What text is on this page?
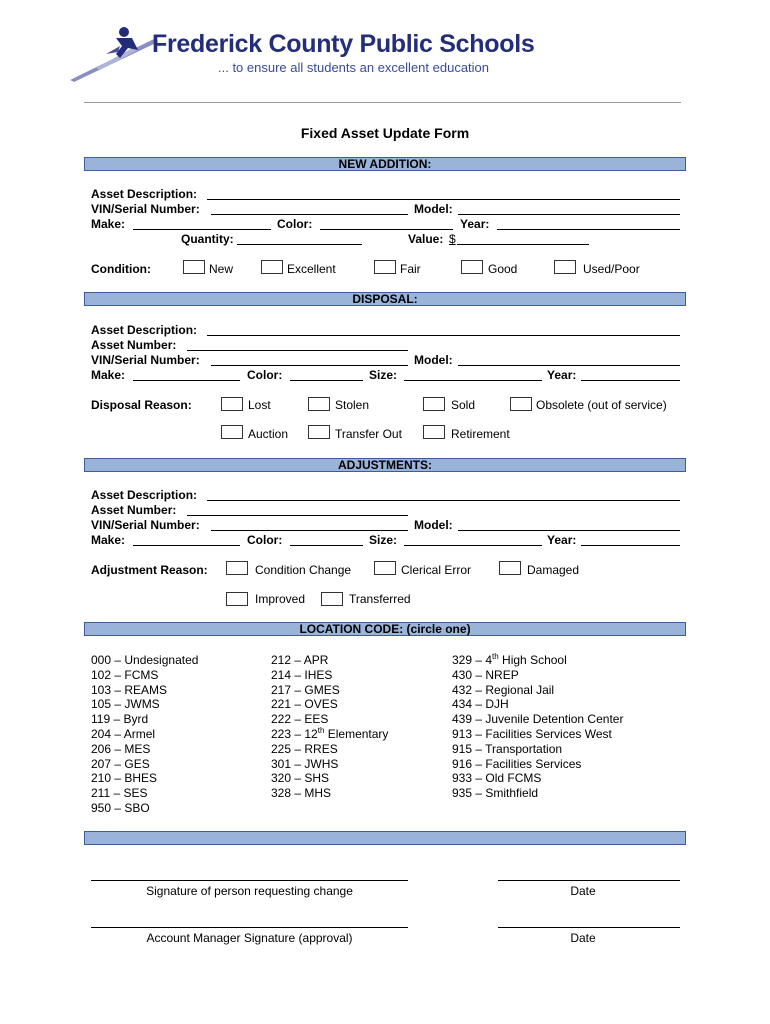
Frederick County Public Schools
... to ensure all students an excellent education
Fixed Asset Update Form
NEW ADDITION:
Asset Description:
VIN/Serial Number:	Model:
Make:	Color:	Year:
Quantity:	Value: $
Condition:	New	Excellent	Fair	Good	Used/Poor
DISPOSAL:
Asset Description:
Asset Number:
VIN/Serial Number:	Model:
Make:	Color:	Size:	Year:
Disposal Reason:	Lost	Stolen	Sold	Obsolete (out of service)
Auction	Transfer Out	Retirement
ADJUSTMENTS:
Asset Description:
Asset Number:
VIN/Serial Number:	Model:
Make:	Color:	Size:	Year:
Adjustment Reason:	Condition Change	Clerical Error	Damaged
Improved	Transferred
LOCATION CODE: (circle one)
000 – Undesignated
102 – FCMS
103 – REAMS
105 – JWMS
119 – Byrd
204 – Armel
206 – MES
207 – GES
210 – BHES
211 – SES
950 – SBO
212 – APR
214 – IHES
217 – GMES
221 – OVES
222 – EES
223 – 12th Elementary
225 – RRES
301 – JWHS
320 – SHS
328 – MHS
329 – 4th High School
430 – NREP
432 – Regional Jail
434 – DJH
439 – Juvenile Detention Center
913 – Facilities Services West
915 – Transportation
916 – Facilities Services
933 – Old FCMS
935 – Smithfield
Signature of person requesting change	Date
Account Manager Signature (approval)	Date
